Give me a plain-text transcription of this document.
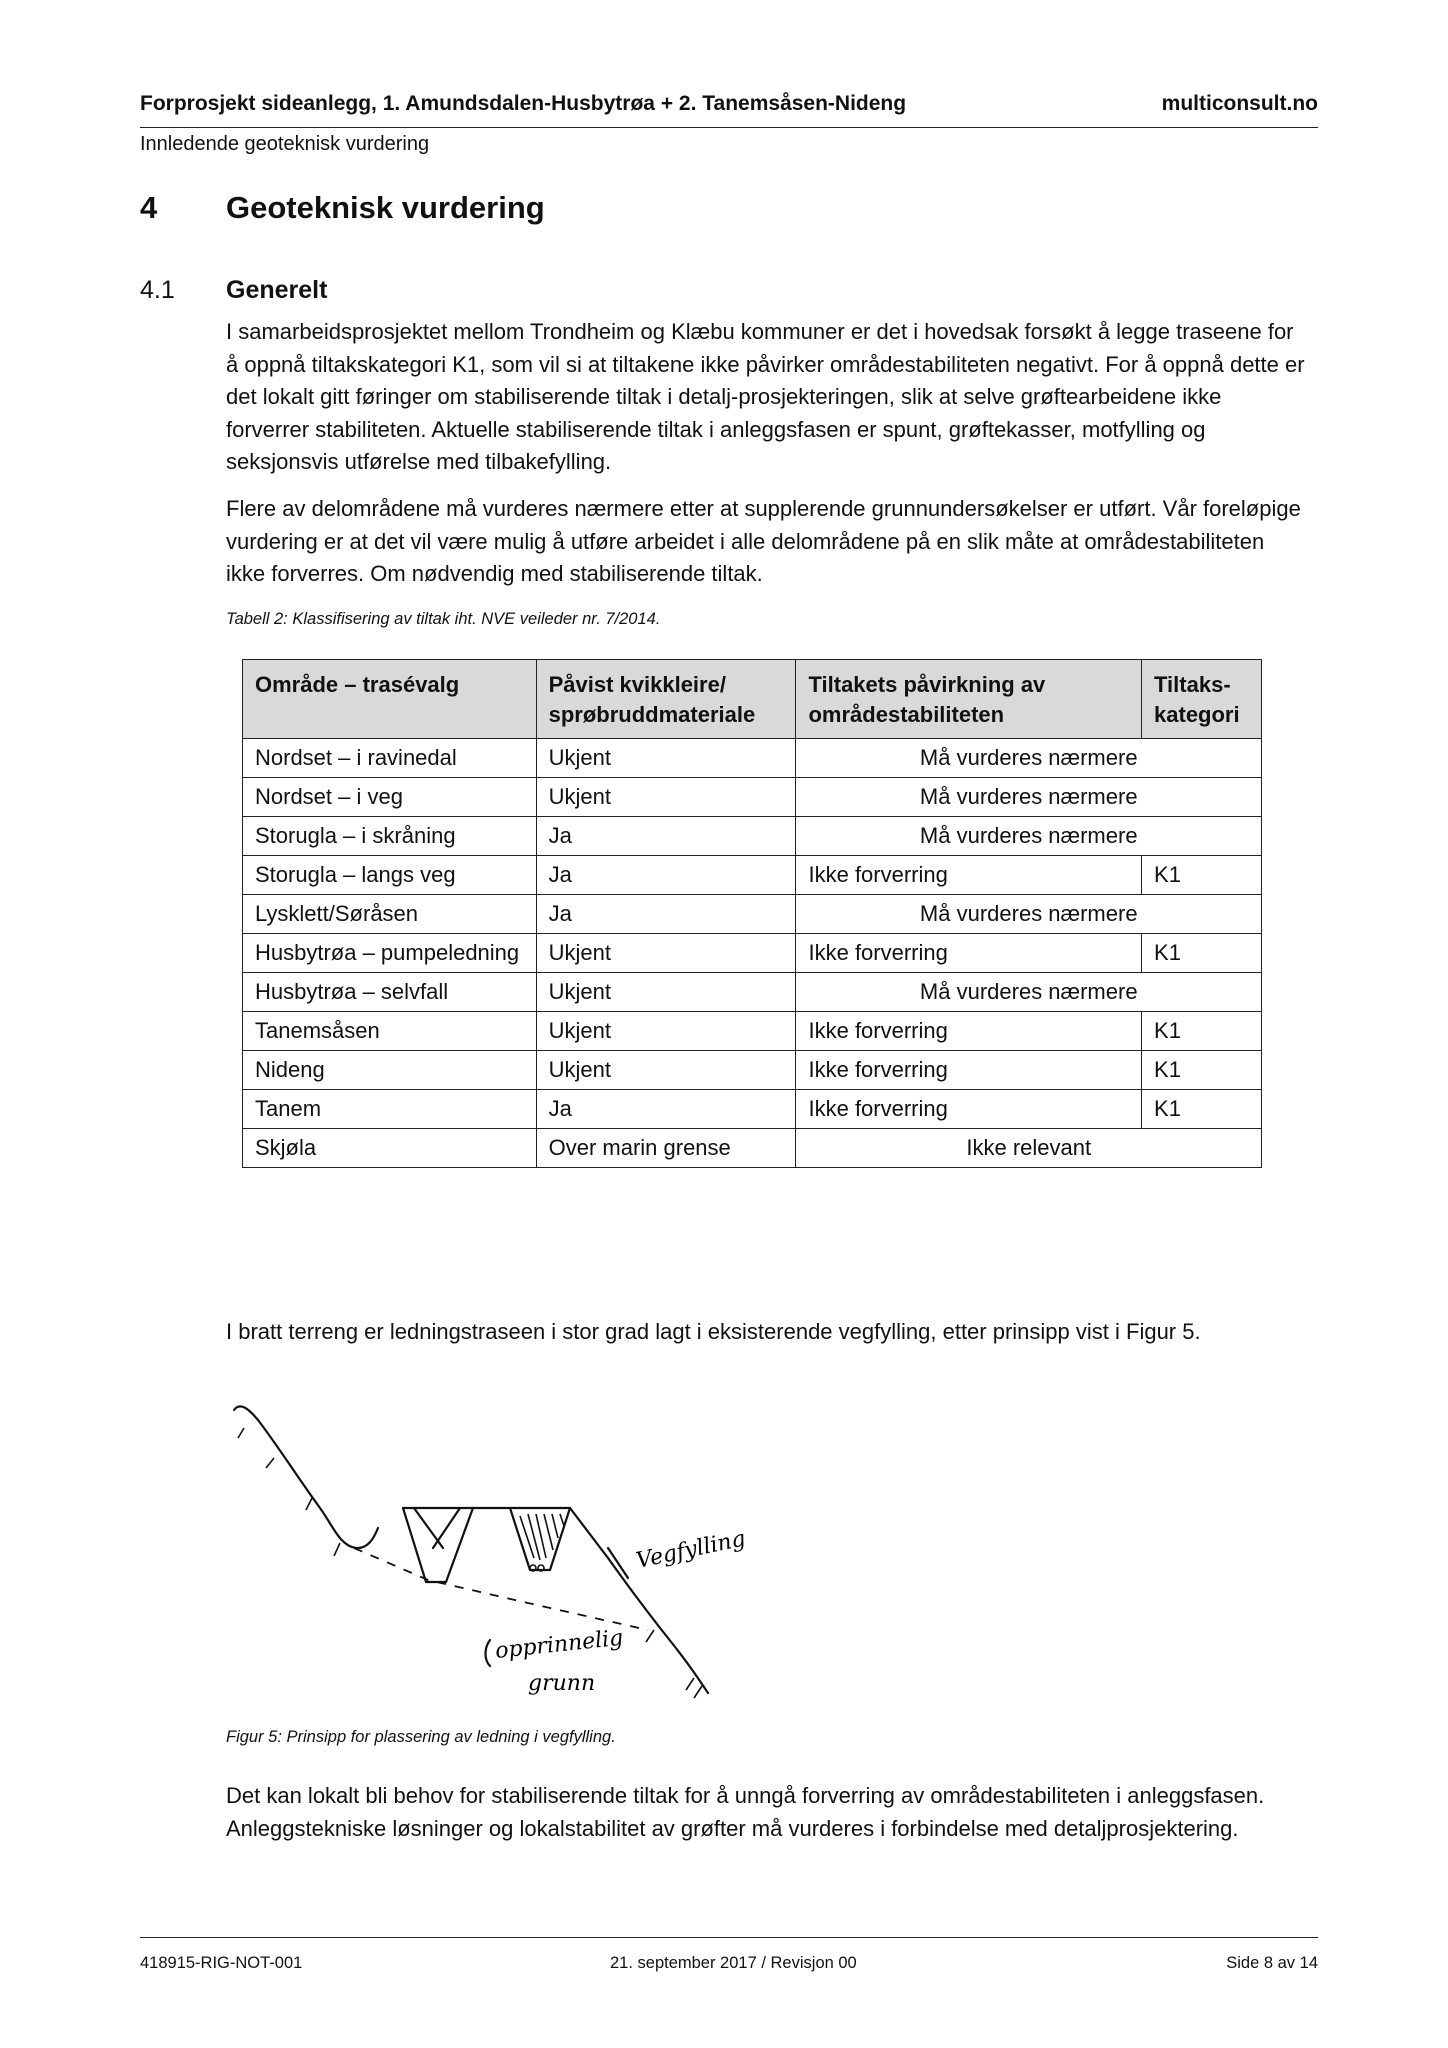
Forprosjekt sideanlegg, 1. Amundsdalen-Husbytrøa + 2. Tanemsåsen-Nideng	multiconsult.no
Innledende geoteknisk vurdering
4 Geoteknisk vurdering
4.1 Generelt
I samarbeidsprosjektet mellom Trondheim og Klæbu kommuner er det i hovedsak forsøkt å legge traseene for å oppnå tiltakskategori K1, som vil si at tiltakene ikke påvirker områdestabiliteten negativt. For å oppnå dette er det lokalt gitt føringer om stabiliserende tiltak i detalj-prosjekteringen, slik at selve grøftearbeidene ikke forverrer stabiliteten. Aktuelle stabiliserende tiltak i anleggsfasen er spunt, grøftekasser, motfylling og seksjonsvis utførelse med tilbakefylling.
Flere av delområdene må vurderes nærmere etter at supplerende grunnundersøkelser er utført. Vår foreløpige vurdering er at det vil være mulig å utføre arbeidet i alle delområdene på en slik måte at områdestabiliteten ikke forverres. Om nødvendig med stabiliserende tiltak.
Tabell 2: Klassifisering av tiltak iht. NVE veileder nr. 7/2014.
Område – trasévalg	Påvist kvikkleire/ sprøbruddmateriale	Tiltakets påvirkning av områdestabiliteten	Tiltaks-kategori
Nordset – i ravinedal	Ukjent	Må vurderes nærmere	
Nordset – i veg	Ukjent	Må vurderes nærmere	
Storugla – i skråning	Ja	Må vurderes nærmere	
Storugla – langs veg	Ja	Ikke forverring	K1
Lysklett/Søråsen	Ja	Må vurderes nærmere	
Husbytrøa – pumpeledning	Ukjent	Ikke forverring	K1
Husbytrøa – selvfall	Ukjent	Må vurderes nærmere	
Tanemsåsen	Ukjent	Ikke forverring	K1
Nideng	Ukjent	Ikke forverring	K1
Tanem	Ja	Ikke forverring	K1
Skjøla	Over marin grense	Ikke relevant	
I bratt terreng er ledningstraseen i stor grad lagt i eksisterende vegfylling, etter prinsipp vist i Figur 5.
Vegfylling
opprinnelig
grunn
Figur 5: Prinsipp for plassering av ledning i vegfylling.
Det kan lokalt bli behov for stabiliserende tiltak for å unngå forverring av områdestabiliteten i anleggsfasen. Anleggstekniske løsninger og lokalstabilitet av grøfter må vurderes i forbindelse med detaljprosjektering.
418915-RIG-NOT-001	21. september 2017 / Revisjon 00	Side 8 av 14
